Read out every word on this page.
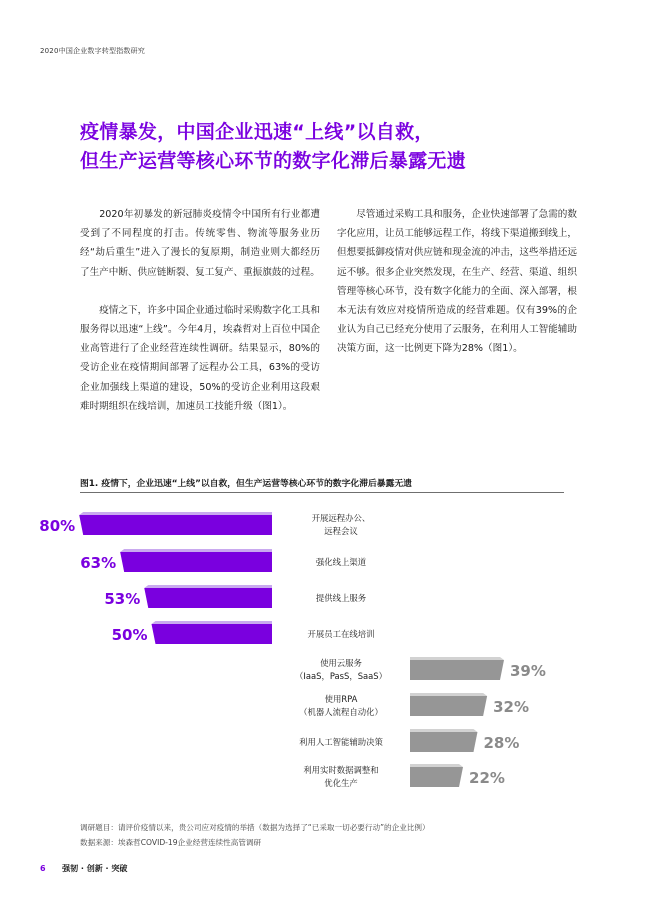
2020中国企业数字转型指数研究
疫情暴发，中国企业迅速“上线”以自救，
但生产运营等核心环节的数字化滞后暴露无遗

2020年初暴发的新冠肺炎疫情令中国所有行业都遭受到了不同程度的打击。传统零售、物流等服务业历经“劫后重生”进入了漫长的复原期，制造业则大都经历了生产中断、供应链断裂、复工复产、重振旗鼓的过程。

疫情之下，许多中国企业通过临时采购数字化工具和服务得以迅速“上线”。今年4月，埃森哲对上百位中国企业高管进行了企业经营连续性调研。结果显示，80%的受访企业在疫情期间部署了远程办公工具，63%的受访企业加强线上渠道的建设，50%的受访企业利用这段艰难时期组织在线培训，加速员工技能升级（图1）。

尽管通过采购工具和服务，企业快速部署了急需的数字化应用，让员工能够远程工作，将线下渠道搬到线上，但想要抵御疫情对供应链和现金流的冲击，这些举措还远远不够。很多企业突然发现，在生产、经营、渠道、组织管理等核心环节，没有数字化能力的全面、深入部署，根本无法有效应对疫情所造成的经营难题。仅有39%的企业认为自己已经充分使用了云服务，在利用人工智能辅助决策方面，这一比例更下降为28%（图1）。

图1. 疫情下，企业迅速“上线”以自救，但生产运营等核心环节的数字化滞后暴露无遗
80%
63%
53%
50%
39%
32%
28%
22%
开展远程办公、
远程会议
强化线上渠道
提供线上服务
开展员工在线培训
使用云服务
（IaaS，PasS，SaaS）
使用RPA
（机器人流程自动化）
利用人工智能辅助决策
利用实时数据调整和
优化生产
调研题目：请评价疫情以来，贵公司应对疫情的举措（数据为选择了“已采取一切必要行动”的企业比例）
数据来源：埃森哲COVID-19企业经营连续性高管调研
6 强韧 · 创新 · 突破
